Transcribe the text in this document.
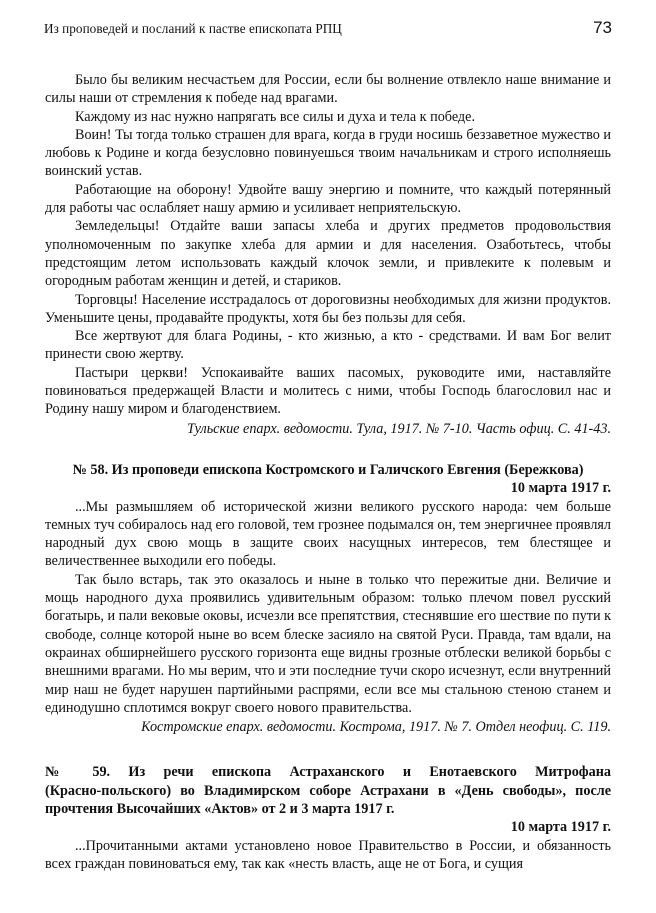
Из проповедей и посланий к пастве епископата РПЦ	73

Было бы великим несчастьем для России, если бы волнение отвлекло наше внимание и силы наши от стремления к победе над врагами.

Каждому из нас нужно напрягать все силы и духа и тела к победе.

Воин! Ты тогда только страшен для врага, когда в груди носишь беззаветное мужество и любовь к Родине и когда безусловно повинуешься твоим начальникам и строго исполняешь воинский устав.

Работающие на оборону! Удвойте вашу энергию и помните, что каждый потерянный для работы час ослабляет нашу армию и усиливает неприятельскую.

Земледельцы! Отдайте ваши запасы хлеба и других предметов продовольствия уполномоченным по закупке хлеба для армии и для населения. Озаботьтесь, чтобы предстоящим летом использовать каждый клочок земли, и привлеките к полевым и огородным работам женщин и детей, и стариков.

Торговцы! Население исстрадалось от дороговизны необходимых для жизни продуктов. Уменьшите цены, продавайте продукты, хотя бы без пользы для себя.

Все жертвуют для блага Родины, - кто жизнью, а кто - средствами. И вам Бог велит принести свою жертву.

Пастыри церкви! Успокаивайте ваших пасомых, руководите ими, наставляйте повиноваться предержащей Власти и молитесь с ними, чтобы Господь благословил нас и Родину нашу миром и благоденствием.

Тульские епарх. ведомости. Тула, 1917. № 7-10. Часть офиц. С. 41-43.

№ 58. Из проповеди епископа Костромского и Галичского Евгения (Бережкова)

10 марта 1917 г.

...Мы размышляем об исторической жизни великого русского народа: чем больше темных туч собиралось над его головой, тем грознее подымался он, тем энергичнее проявлял народный дух свою мощь в защите своих насущных интересов, тем блестящее и величественнее выходили его победы.

Так было встарь, так это оказалось и ныне в только что пережитые дни. Величие и мощь народного духа проявились удивительным образом: только плечом повел русский богатырь, и пали вековые оковы, исчезли все препятствия, стеснявшие его шествие по пути к свободе, солнце которой ныне во всем блеске засияло на святой Руси. Правда, там вдали, на окраинах обширнейшего русского горизонта еще видны грозные отблески великой борьбы с внешними врагами. Но мы верим, что и эти последние тучи скоро исчезнут, если внутренний мир наш не будет нарушен партийными распрями, если все мы стальною стеною станем и единодушно сплотимся вокруг своего нового правительства.

Костромские епарх. ведомости. Кострома, 1917. № 7. Отдел неофиц. С. 119.

№ 59. Из речи епископа Астраханского и Енотаевского Митрофана

(Красно-польского) во Владимирском соборе Астрахани в «День свободы», после

прочтения Высочайших «Актов» от 2 и 3 марта 1917 г.

10 марта 1917 г.

...Прочитанными актами установлено новое Правительство в России, и обязанность всех граждан повиноваться ему, так как «несть власть, аще не от Бога, и сущия
